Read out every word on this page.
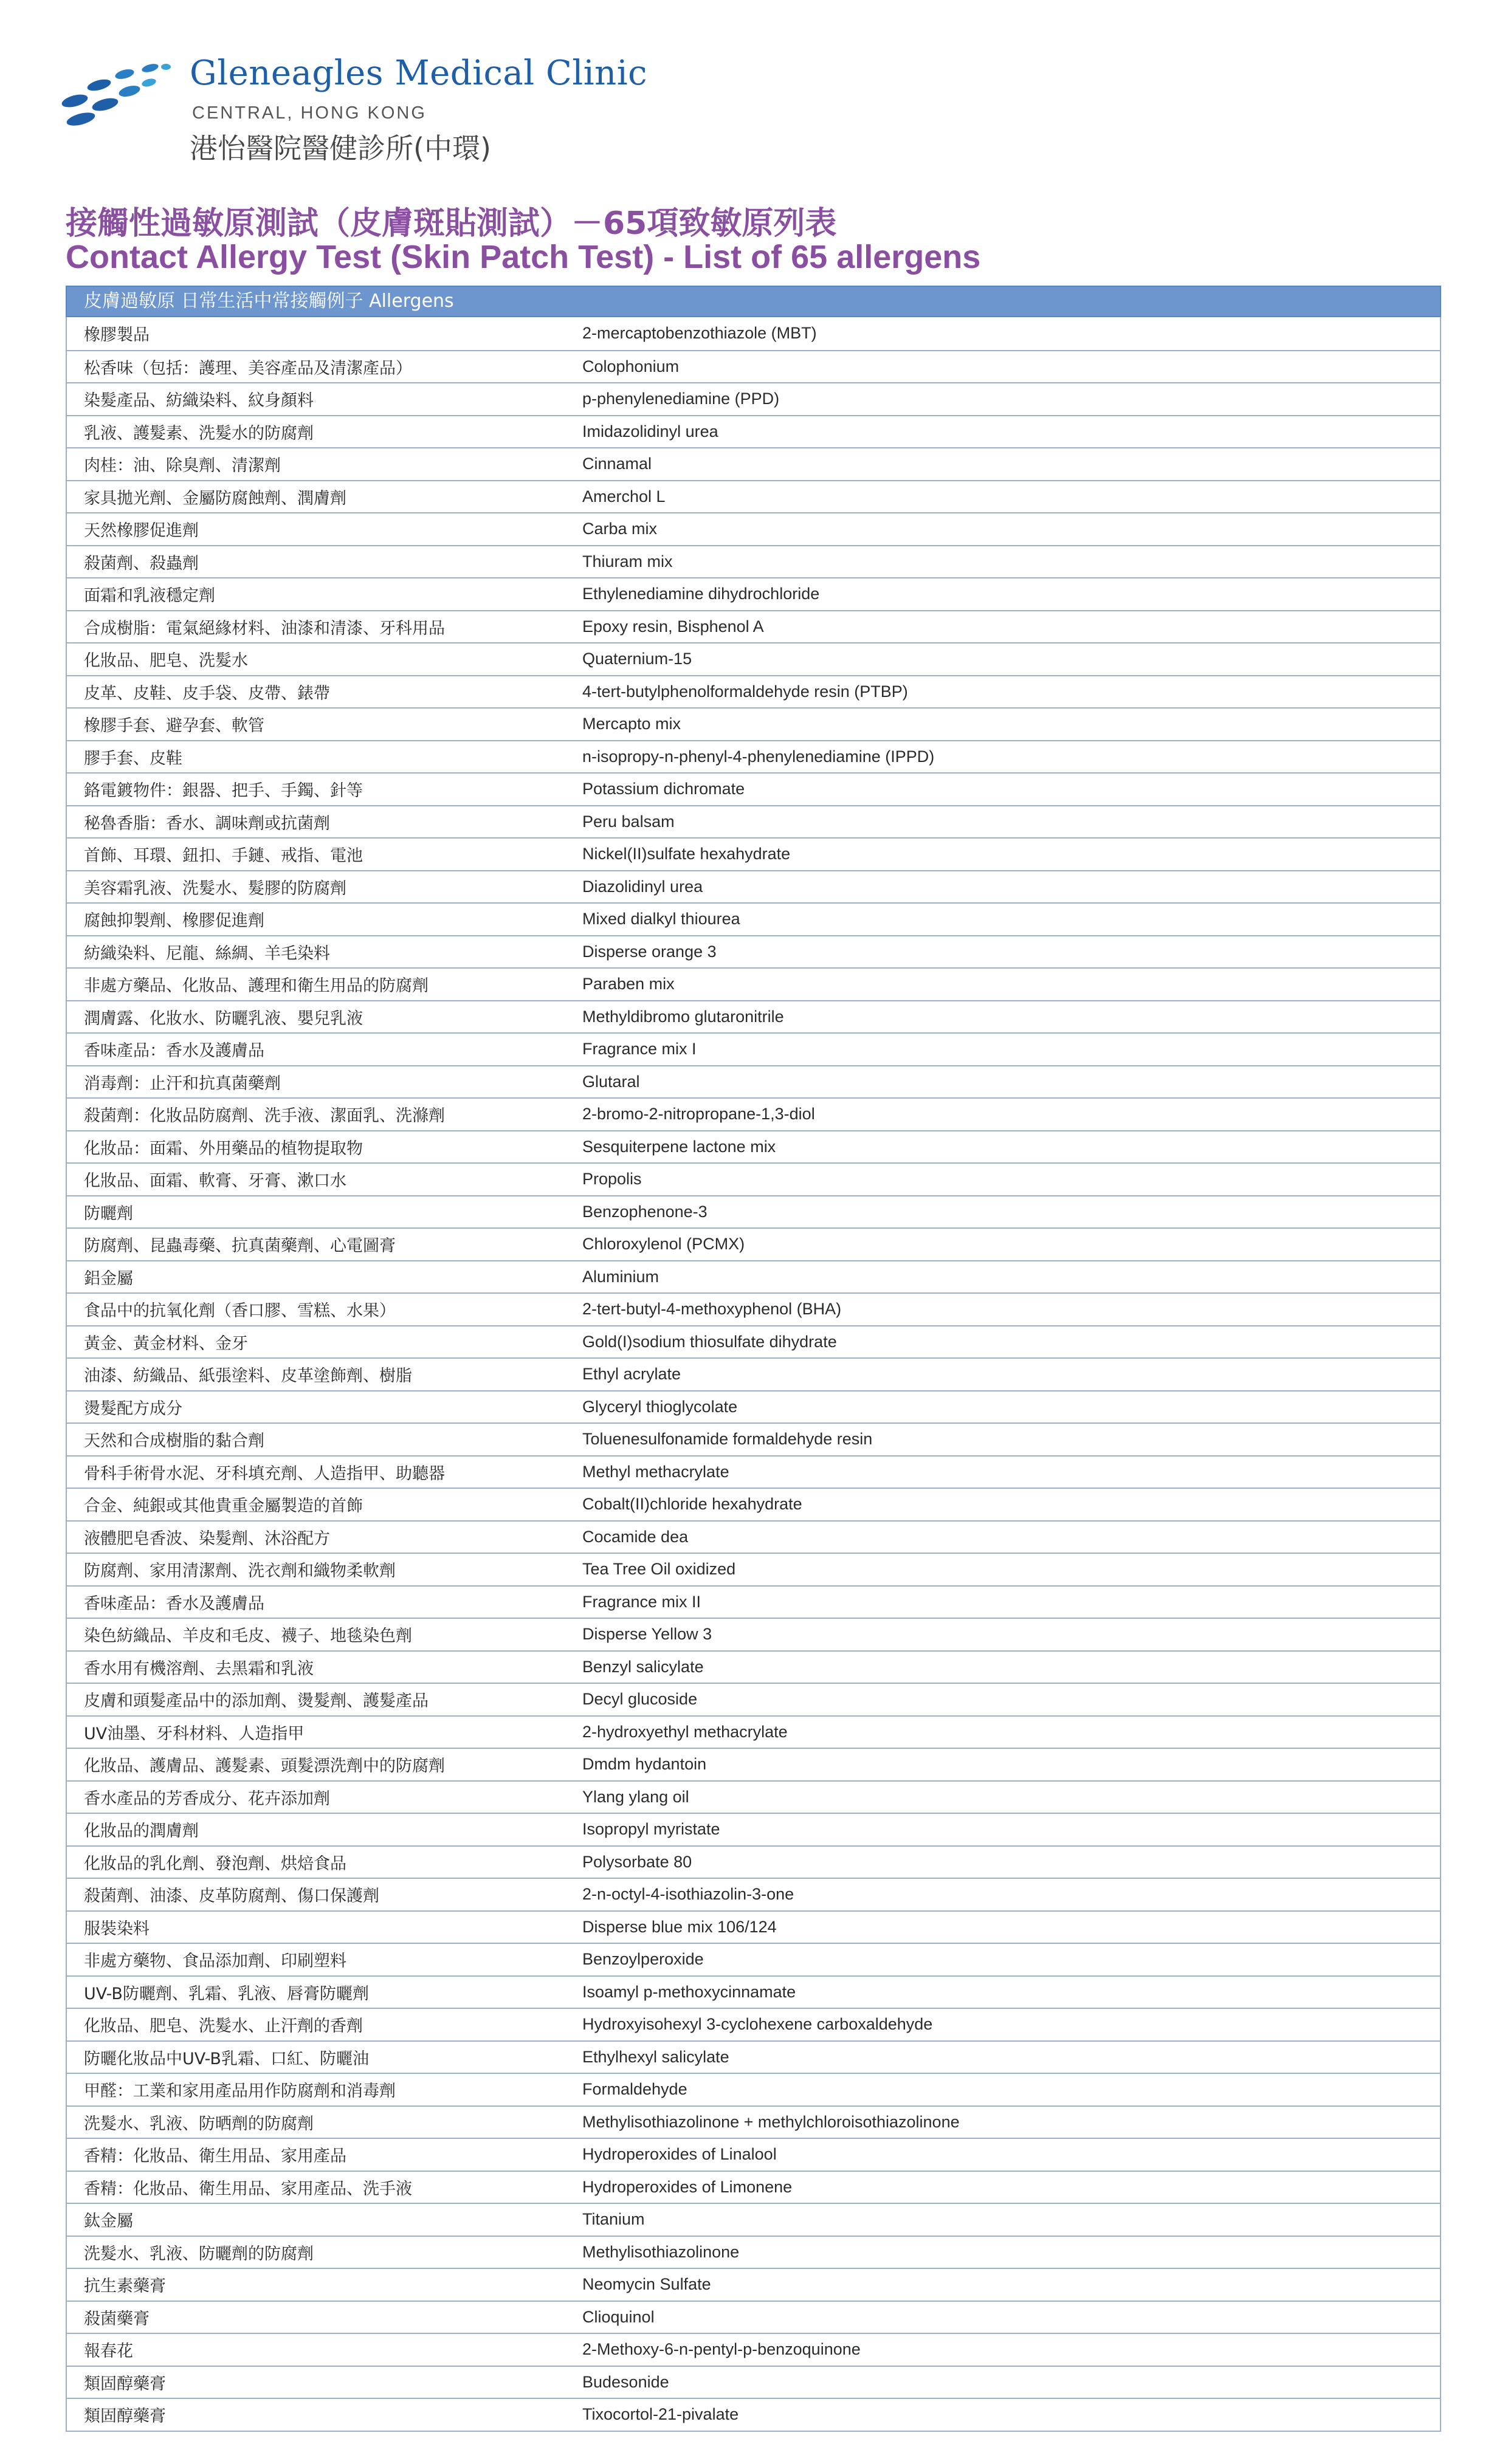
Gleneagles Medical Clinic
CENTRAL, HONG KONG
港怡醫院醫健診所(中環)
接觸性過敏原測試（皮膚斑貼測試）－65項致敏原列表
Contact Allergy Test (Skin Patch Test) - List of 65 allergens
皮膚過敏原 日常生活中常接觸例子 Allergens
橡膠製品	2-mercaptobenzothiazole (MBT)
松香味（包括：護理、美容產品及清潔產品）	Colophonium
染髮產品、紡織染料、紋身顏料	p-phenylenediamine (PPD)
乳液、護髮素、洗髮水的防腐劑	Imidazolidinyl urea
肉桂：油、除臭劑、清潔劑	Cinnamal
家具拋光劑、金屬防腐蝕劑、潤膚劑	Amerchol L
天然橡膠促進劑	Carba mix
殺菌劑、殺蟲劑	Thiuram mix
面霜和乳液穩定劑	Ethylenediamine dihydrochloride
合成樹脂：電氣絕緣材料、油漆和清漆、牙科用品	Epoxy resin, Bisphenol A
化妝品、肥皂、洗髮水	Quaternium-15
皮革、皮鞋、皮手袋、皮帶、錶帶	4-tert-butylphenolformaldehyde resin (PTBP)
橡膠手套、避孕套、軟管	Mercapto mix
膠手套、皮鞋	n-isopropy-n-phenyl-4-phenylenediamine (IPPD)
鉻電鍍物件：銀器、把手、手鐲、針等	Potassium dichromate
秘魯香脂：香水、調味劑或抗菌劑	Peru balsam
首飾、耳環、鈕扣、手鏈、戒指、電池	Nickel(II)sulfate hexahydrate
美容霜乳液、洗髮水、髮膠的防腐劑	Diazolidinyl urea
腐蝕抑製劑、橡膠促進劑	Mixed dialkyl thiourea
紡織染料、尼龍、絲綢、羊毛染料	Disperse orange 3
非處方藥品、化妝品、護理和衛生用品的防腐劑	Paraben mix
潤膚露、化妝水、防曬乳液、嬰兒乳液	Methyldibromo glutaronitrile
香味產品：香水及護膚品	Fragrance mix I
消毒劑：止汗和抗真菌藥劑	Glutaral
殺菌劑：化妝品防腐劑、洗手液、潔面乳、洗滌劑	2-bromo-2-nitropropane-1,3-diol
化妝品：面霜、外用藥品的植物提取物	Sesquiterpene lactone mix
化妝品、面霜、軟膏、牙膏、漱口水	Propolis
防曬劑	Benzophenone-3
防腐劑、昆蟲毒藥、抗真菌藥劑、心電圖膏	Chloroxylenol (PCMX)
鋁金屬	Aluminium
食品中的抗氧化劑（香口膠、雪糕、水果）	2-tert-butyl-4-methoxyphenol (BHA)
黃金、黃金材料、金牙	Gold(I)sodium thiosulfate dihydrate
油漆、紡織品、紙張塗料、皮革塗飾劑、樹脂	Ethyl acrylate
燙髮配方成分	Glyceryl thioglycolate
天然和合成樹脂的黏合劑	Toluenesulfonamide formaldehyde resin
骨科手術骨水泥、牙科填充劑、人造指甲、助聽器	Methyl methacrylate
合金、純銀或其他貴重金屬製造的首飾	Cobalt(II)chloride hexahydrate
液體肥皂香波、染髮劑、沐浴配方	Cocamide dea
防腐劑、家用清潔劑、洗衣劑和織物柔軟劑	Tea Tree Oil oxidized
香味產品：香水及護膚品	Fragrance mix II
染色紡織品、羊皮和毛皮、襪子、地毯染色劑	Disperse Yellow 3
香水用有機溶劑、去黑霜和乳液	Benzyl salicylate
皮膚和頭髮產品中的添加劑、燙髮劑、護髮產品	Decyl glucoside
UV油墨、牙科材料、人造指甲	2-hydroxyethyl methacrylate
化妝品、護膚品、護髮素、頭髮漂洗劑中的防腐劑	Dmdm hydantoin
香水產品的芳香成分、花卉添加劑	Ylang ylang oil
化妝品的潤膚劑	Isopropyl myristate
化妝品的乳化劑、發泡劑、烘焙食品	Polysorbate 80
殺菌劑、油漆、皮革防腐劑、傷口保護劑	2-n-octyl-4-isothiazolin-3-one
服裝染料	Disperse blue mix 106/124
非處方藥物、食品添加劑、印刷塑料	Benzoylperoxide
UV-B防曬劑、乳霜、乳液、唇膏防曬劑	Isoamyl p-methoxycinnamate
化妝品、肥皂、洗髮水、止汗劑的香劑	Hydroxyisohexyl 3-cyclohexene carboxaldehyde
防曬化妝品中UV-B乳霜、口紅、防曬油	Ethylhexyl salicylate
甲醛：工業和家用產品用作防腐劑和消毒劑	Formaldehyde
洗髮水、乳液、防晒劑的防腐劑	Methylisothiazolinone + methylchloroisothiazolinone
香精：化妝品、衛生用品、家用產品	Hydroperoxides of Linalool
香精：化妝品、衛生用品、家用產品、洗手液	Hydroperoxides of Limonene
鈦金屬	Titanium
洗髮水、乳液、防曬劑的防腐劑	Methylisothiazolinone
抗生素藥膏	Neomycin Sulfate
殺菌藥膏	Clioquinol
報春花	2-Methoxy-6-n-pentyl-p-benzoquinone
類固醇藥膏	Budesonide
類固醇藥膏	Tixocortol-21-pivalate
